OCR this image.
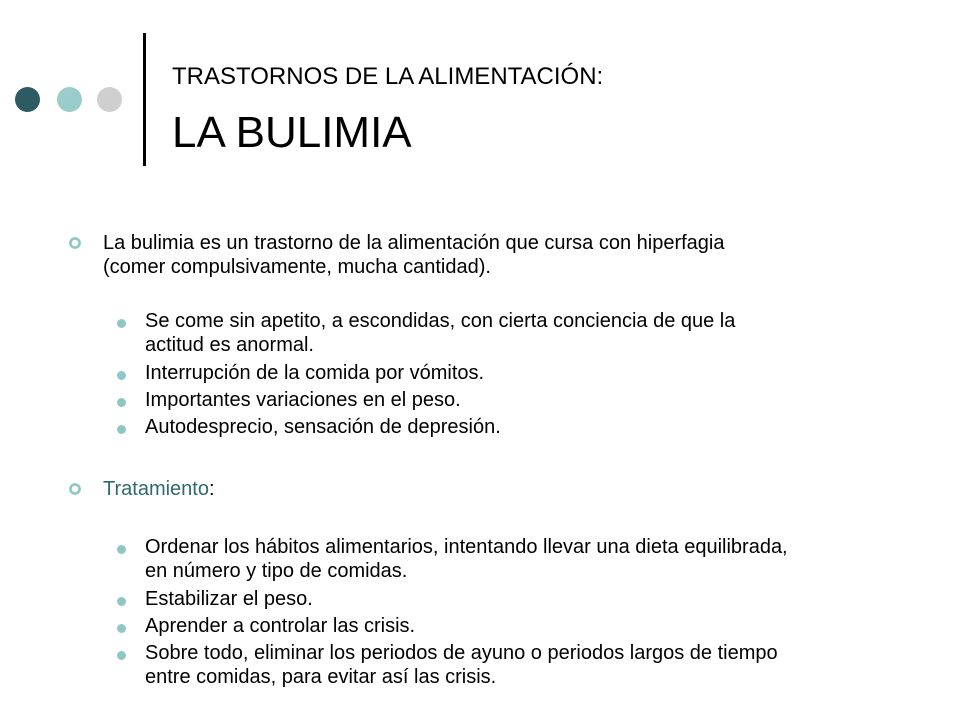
TRASTORNOS DE LA ALIMENTACIÓN:
LA BULIMIA
La bulimia es un trastorno de la alimentación que cursa con hiperfagia
(comer compulsivamente, mucha cantidad).
Se come sin apetito, a escondidas, con cierta conciencia de que la
actitud es anormal.
Interrupción de la comida por vómitos.
Importantes variaciones en el peso.
Autodesprecio, sensación de depresión.
Tratamiento:
Ordenar los hábitos alimentarios, intentando llevar una dieta equilibrada,
en número y tipo de comidas.
Estabilizar el peso.
Aprender a controlar las crisis.
Sobre todo, eliminar los periodos de ayuno o periodos largos de tiempo
entre comidas, para evitar así las crisis.
